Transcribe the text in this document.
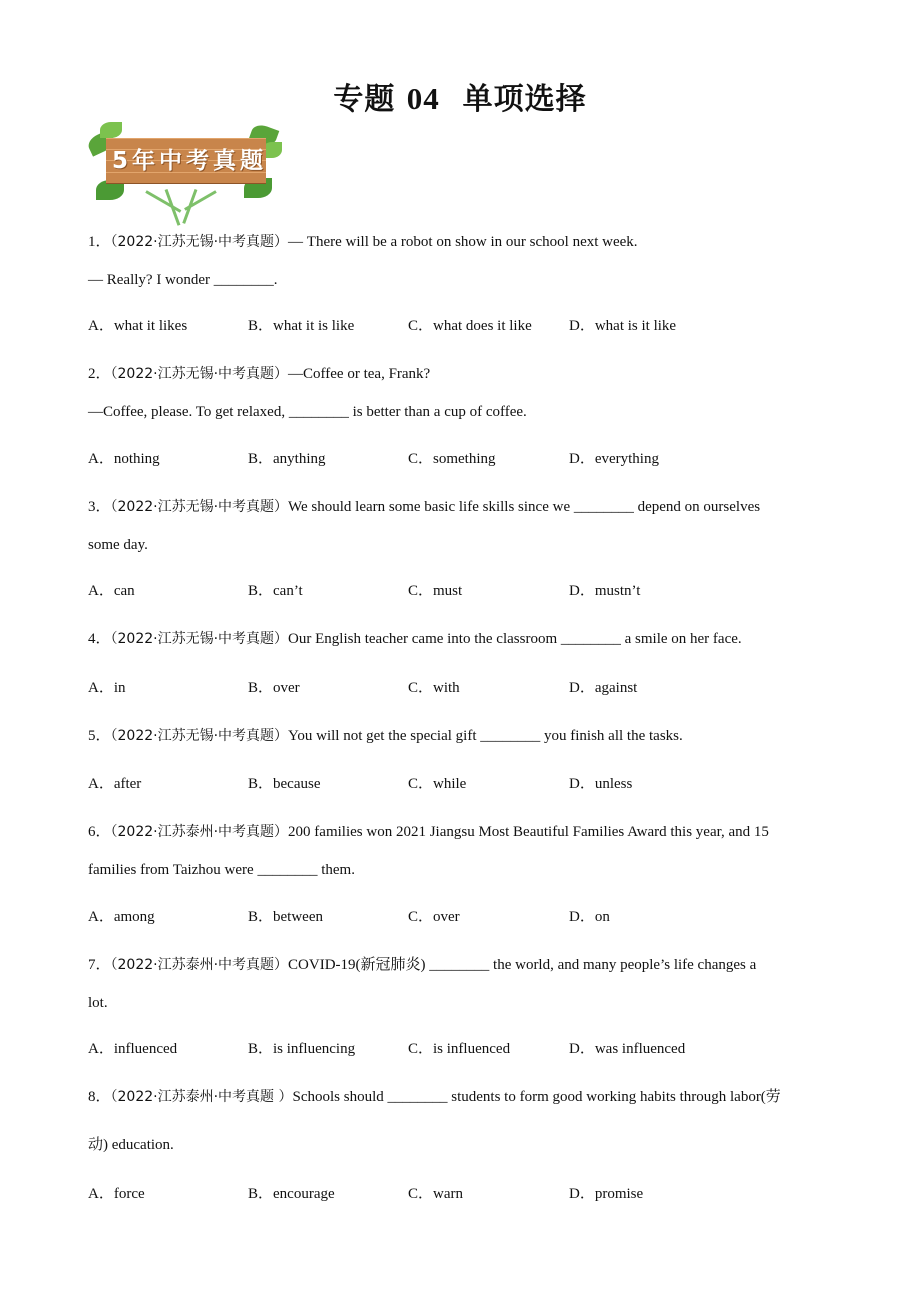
专题 04 单项选择
5年中考真题
1．（2022·江苏无锡·中考真题）— There will be a robot on show in our school next week.
— Really? I wonder ________.
A．what it likes	B．what it is like	C．what does it like D．what is it like
2．（2022·江苏无锡·中考真题）—Coffee or tea, Frank?
—Coffee, please. To get relaxed, ________ is better than a cup of coffee.
A．nothing	B．anything	C．something	D．everything
3．（2022·江苏无锡·中考真题）We should learn some basic life skills since we ________ depend on ourselves
some day.
A．can	B．can’t	C．must	D．mustn’t
4．（2022·江苏无锡·中考真题）Our English teacher came into the classroom ________ a smile on her face.
A．in	B．over	C．with	D．against
5．（2022·江苏无锡·中考真题）You will not get the special gift ________ you finish all the tasks.
A．after	B．because	C．while	D．unless
6．（2022·江苏泰州·中考真题）200 families won 2021 Jiangsu Most Beautiful Families Award this year, and 15
families from Taizhou were ________ them.
A．among	B．between	C．over	D．on
7．（2022·江苏泰州·中考真题）COVID-19(新冠肺炎) ________ the world, and many people’s life changes a
lot.
A．influenced	B．is influencing	C．is influenced	D．was influenced
8．（2022·江苏泰州·中考真题 ）Schools should ________ students to form good working habits through labor(劳
动) education.
A．force	B．encourage	C．warn	D．promise
